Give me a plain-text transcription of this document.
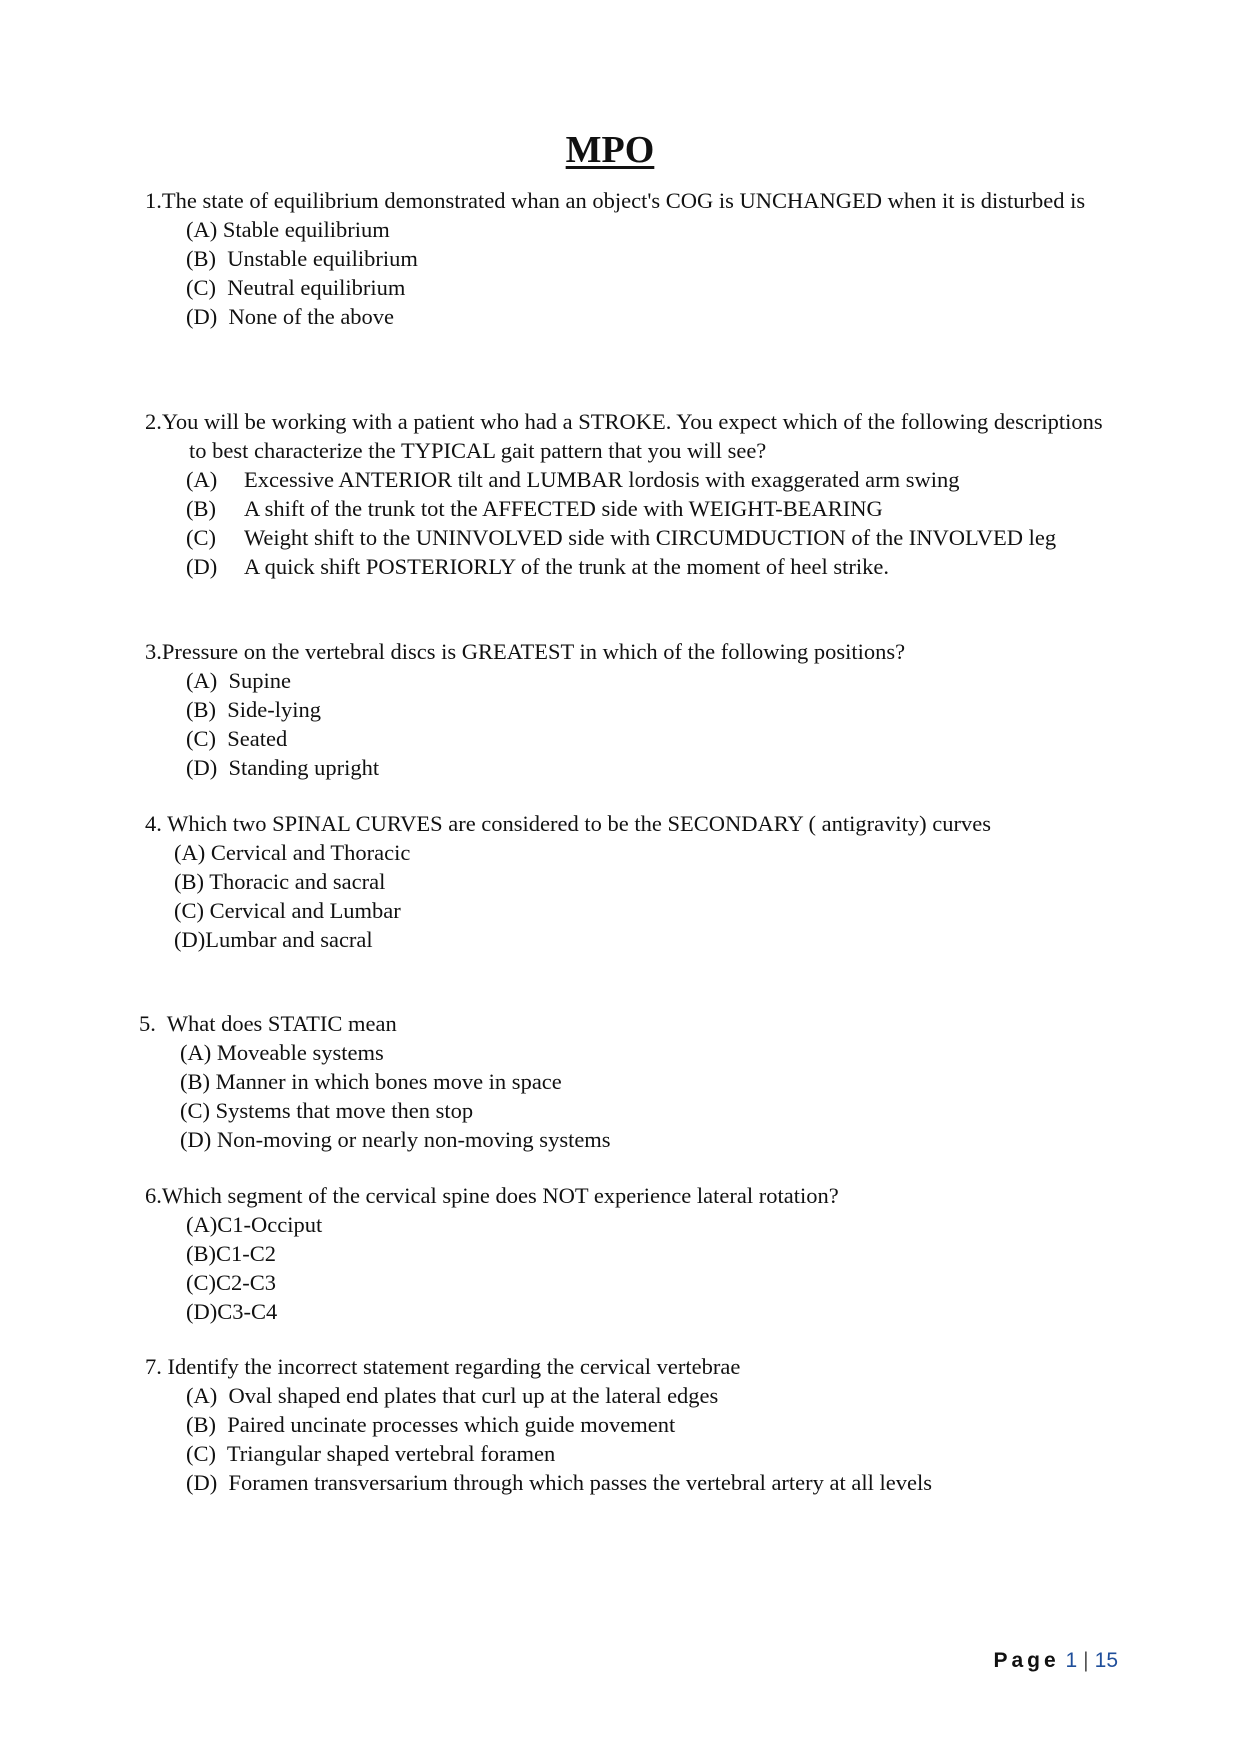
MPO
1.The state of equilibrium demonstrated whan an object's COG is UNCHANGED when it is disturbed is
(A) Stable equilibrium
(B)  Unstable equilibrium
(C)  Neutral equilibrium
(D)  None of the above
2.You will be working with a patient who had a STROKE. You expect which of the following descriptions to best characterize the TYPICAL gait pattern that you will see?
(A)	Excessive ANTERIOR tilt and LUMBAR lordosis with exaggerated arm swing
(B)	A shift of the trunk tot the AFFECTED side with WEIGHT-BEARING
(C)	Weight shift to the UNINVOLVED side with CIRCUMDUCTION of the INVOLVED leg
(D)	A quick shift POSTERIORLY of the trunk at the moment of heel strike.
3.Pressure on the vertebral discs is GREATEST in which of the following positions?
(A)  Supine
(B)  Side-lying
(C)  Seated
(D)  Standing upright
4. Which two SPINAL CURVES are considered to be the SECONDARY ( antigravity) curves
(A) Cervical and Thoracic
(B) Thoracic and sacral
(C) Cervical and Lumbar
(D)Lumbar and sacral
5.  What does STATIC mean
(A) Moveable systems
(B) Manner in which bones move in space
(C) Systems that move then stop
(D) Non-moving or nearly non-moving systems
6.Which segment of the cervical spine does NOT experience lateral rotation?
(A)C1-Occiput
(B)C1-C2
(C)C2-C3
(D)C3-C4
7. Identify the incorrect statement regarding the cervical vertebrae
(A)  Oval shaped end plates that curl up at the lateral edges
(B)  Paired uncinate processes which guide movement
(C)  Triangular shaped vertebral foramen
(D)  Foramen transversarium through which passes the vertebral artery at all levels
Page 1 | 15
